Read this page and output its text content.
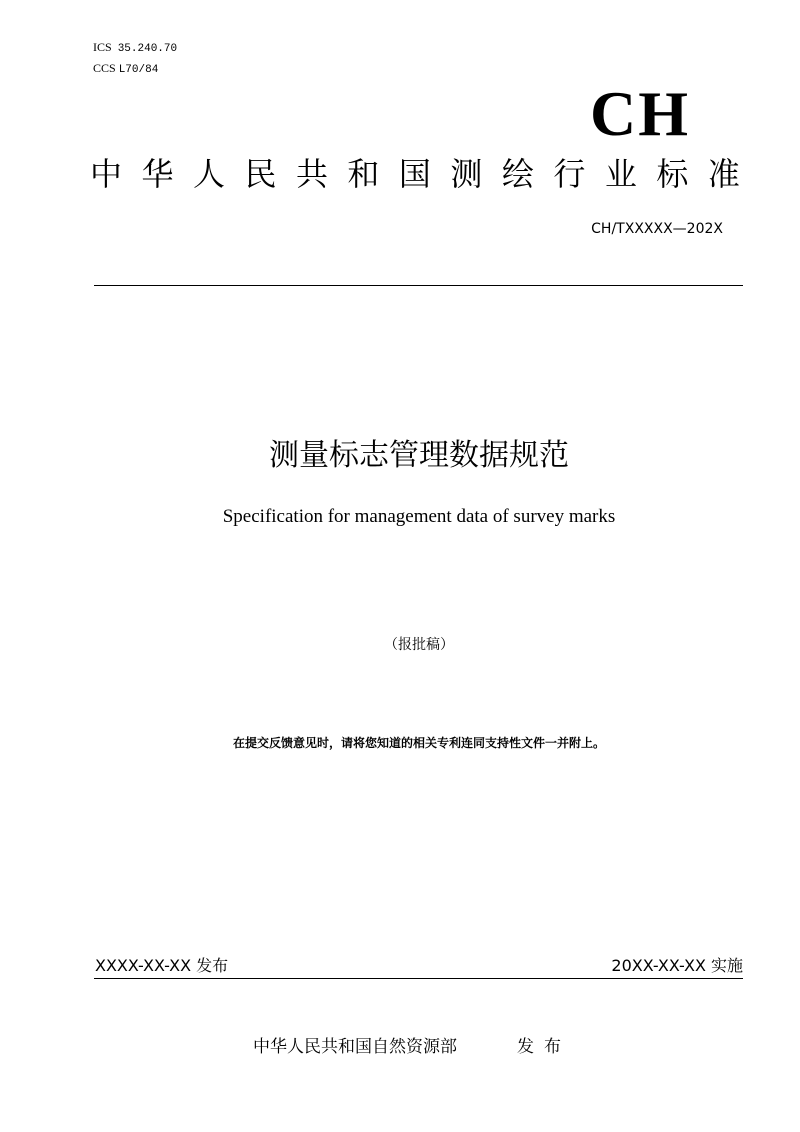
ICS 35.240.70
CCS L70/84
CH
中 华 人 民 共 和 国 测 绘 行 业 标 准
CH/TXXXXX—202X
测量标志管理数据规范
Specification for management data of survey marks
（报批稿）
在提交反馈意见时，请将您知道的相关专利连同支持性文件一并附上。
XXXX-XX-XX 发布	20XX-XX-XX 实施
中华人民共和国自然资源部	发布
